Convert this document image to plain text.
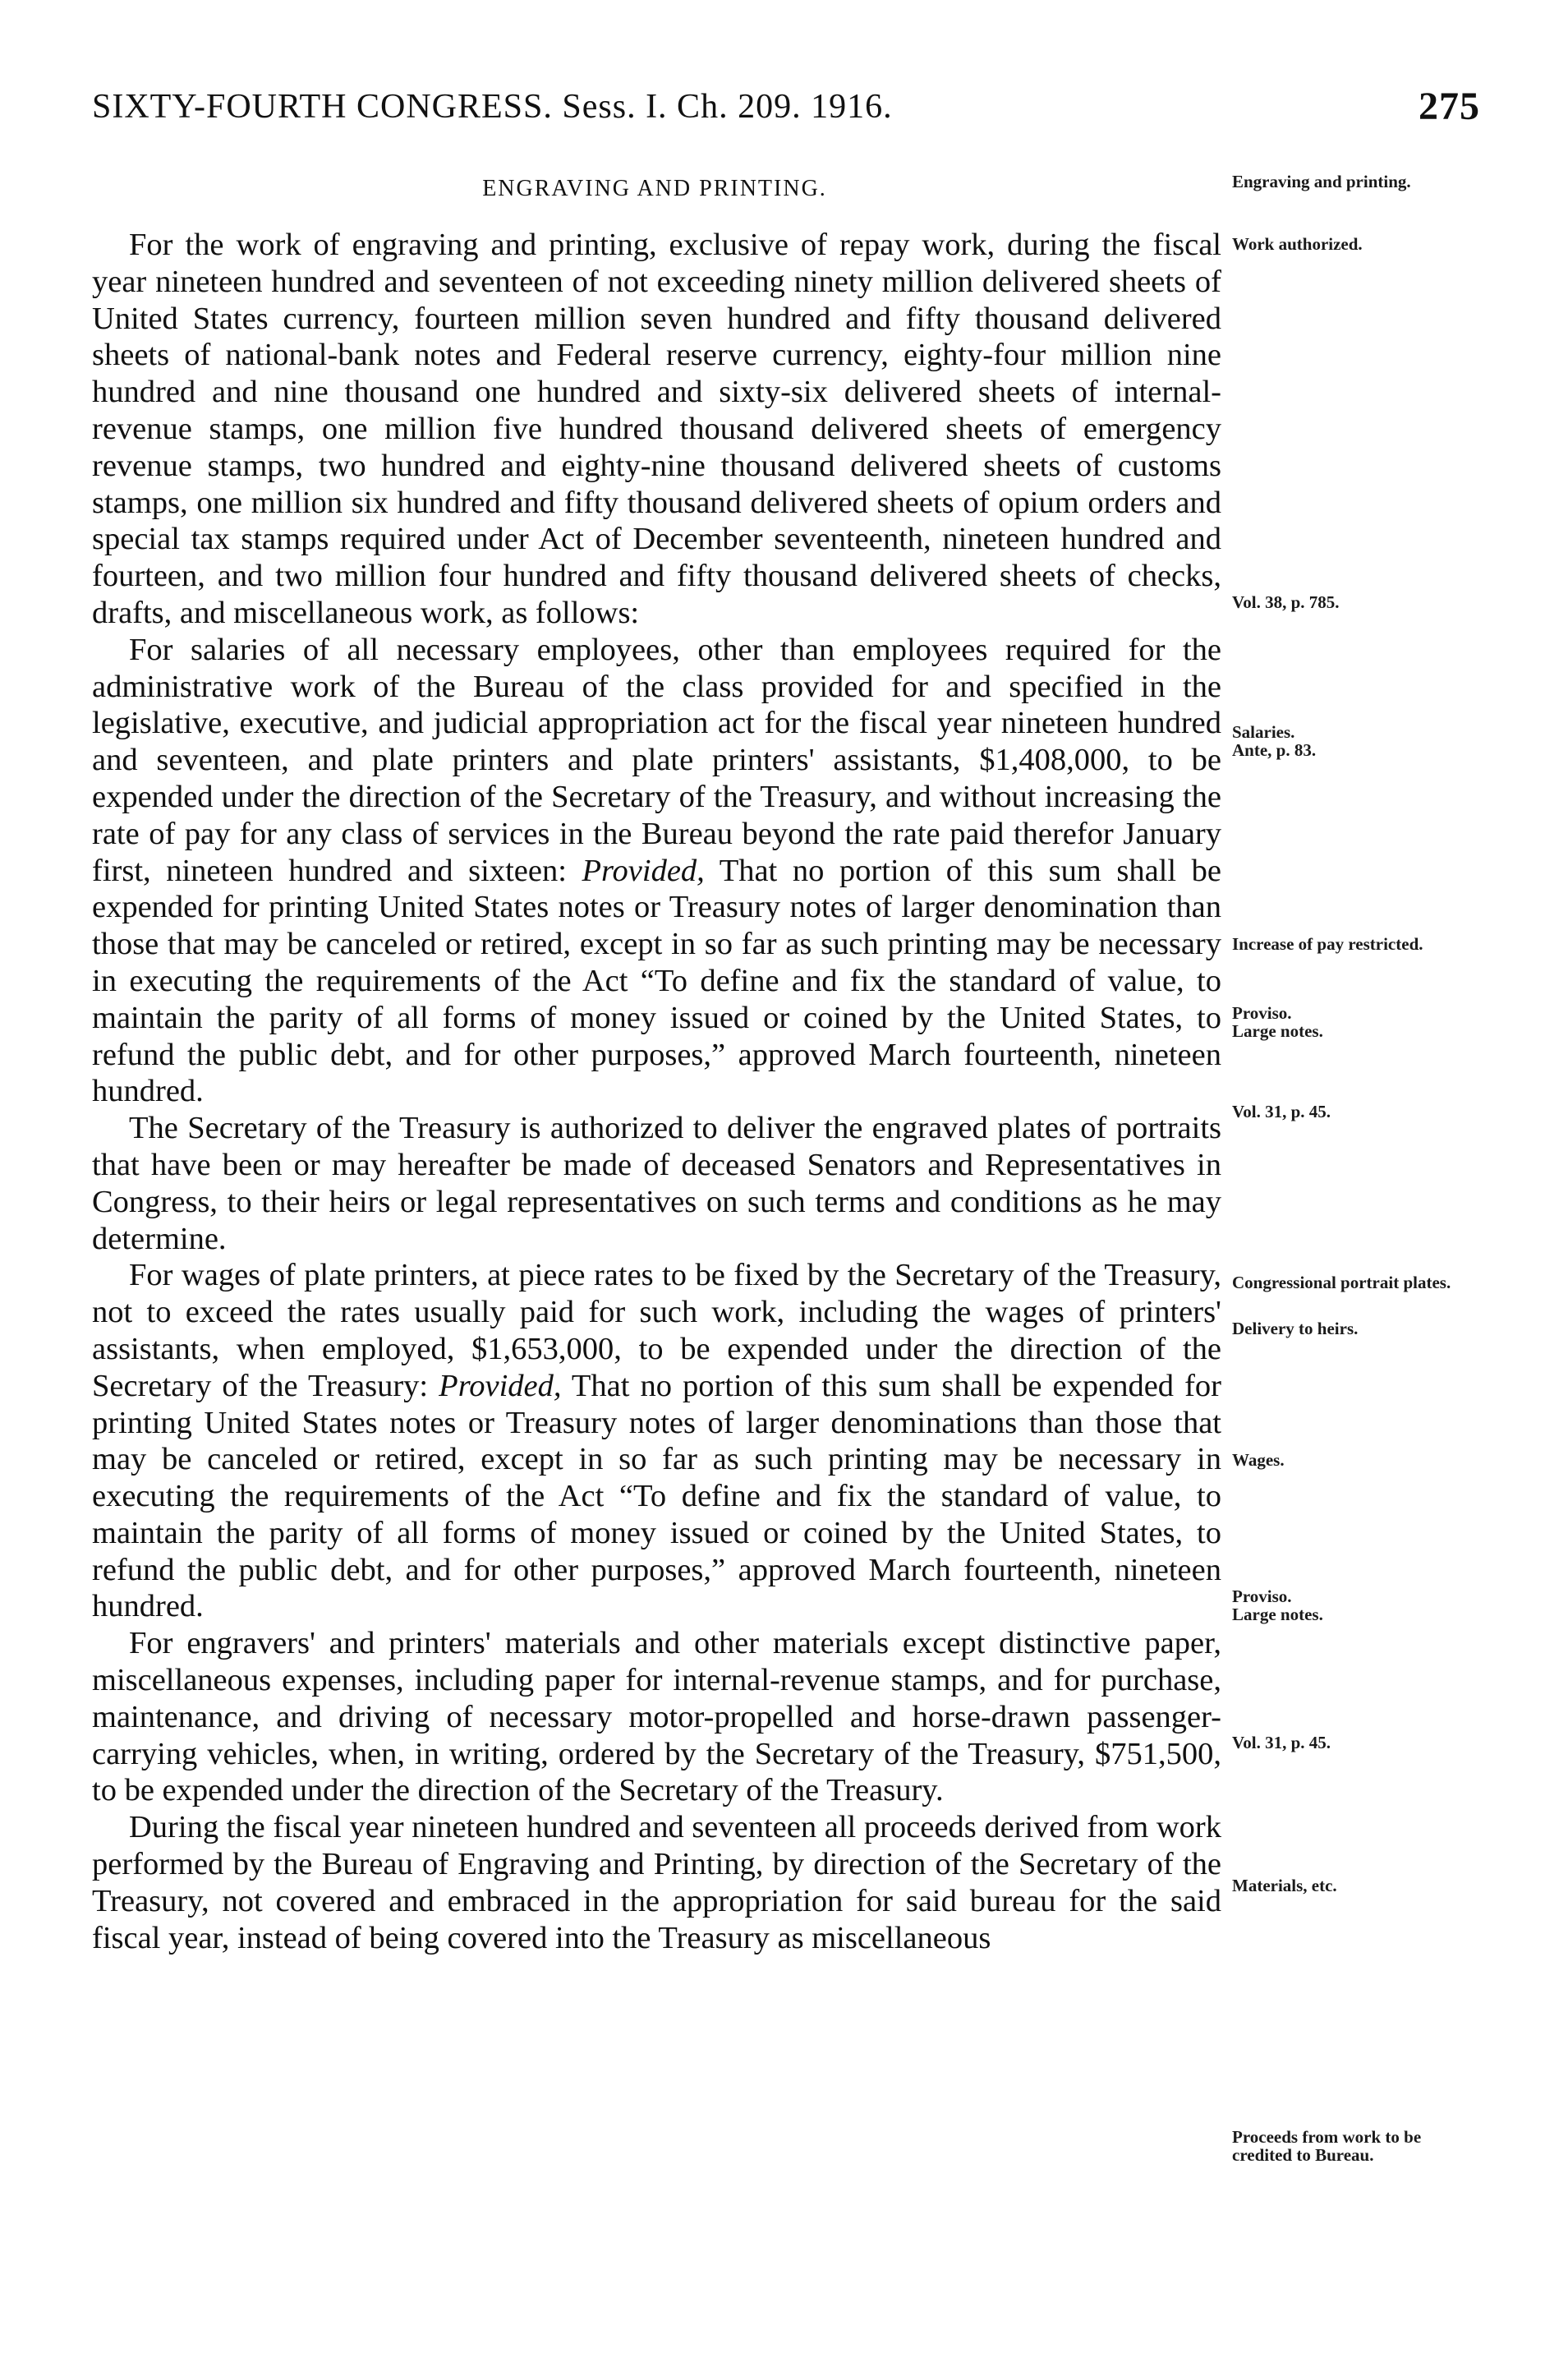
SIXTY-FOURTH CONGRESS. Sess. I. Ch. 209. 1916.	275
ENGRAVING AND PRINTING.

For the work of engraving and printing, exclusive of repay work, during the fiscal year nineteen hundred and seventeen of not exceeding ninety million delivered sheets of United States currency, fourteen million seven hundred and fifty thousand delivered sheets of national-bank notes and Federal reserve currency, eighty-four million nine hundred and nine thousand one hundred and sixty-six delivered sheets of internal-revenue stamps, one million five hundred thousand delivered sheets of emergency revenue stamps, two hundred and eighty-nine thousand delivered sheets of customs stamps, one million six hundred and fifty thousand delivered sheets of opium orders and special tax stamps required under Act of December seventeenth, nineteen hundred and fourteen, and two million four hundred and fifty thousand delivered sheets of checks, drafts, and miscellaneous work, as follows:

For salaries of all necessary employees, other than employees required for the administrative work of the Bureau of the class provided for and specified in the legislative, executive, and judicial appropriation act for the fiscal year nineteen hundred and seventeen, and plate printers and plate printers' assistants, $1,408,000, to be expended under the direction of the Secretary of the Treasury, and without increasing the rate of pay for any class of services in the Bureau beyond the rate paid therefor January first, nineteen hundred and sixteen: Provided, That no portion of this sum shall be expended for printing United States notes or Treasury notes of larger denomination than those that may be canceled or retired, except in so far as such printing may be necessary in executing the requirements of the Act “To define and fix the standard of value, to maintain the parity of all forms of money issued or coined by the United States, to refund the public debt, and for other purposes,” approved March fourteenth, nineteen hundred.

The Secretary of the Treasury is authorized to deliver the engraved plates of portraits that have been or may hereafter be made of deceased Senators and Representatives in Congress, to their heirs or legal representatives on such terms and conditions as he may determine.

For wages of plate printers, at piece rates to be fixed by the Secretary of the Treasury, not to exceed the rates usually paid for such work, including the wages of printers' assistants, when employed, $1,653,000, to be expended under the direction of the Secretary of the Treasury: Provided, That no portion of this sum shall be expended for printing United States notes or Treasury notes of larger denominations than those that may be canceled or retired, except in so far as such printing may be necessary in executing the requirements of the Act “To define and fix the standard of value, to maintain the parity of all forms of money issued or coined by the United States, to refund the public debt, and for other purposes,” approved March fourteenth, nineteen hundred.

For engravers' and printers' materials and other materials except distinctive paper, miscellaneous expenses, including paper for internal-revenue stamps, and for purchase, maintenance, and driving of necessary motor-propelled and horse-drawn passenger-carrying vehicles, when, in writing, ordered by the Secretary of the Treasury, $751,500, to be expended under the direction of the Secretary of the Treasury.

During the fiscal year nineteen hundred and seventeen all proceeds derived from work performed by the Bureau of Engraving and Printing, by direction of the Secretary of the Treasury, not covered and embraced in the appropriation for said bureau for the said fiscal year, instead of being covered into the Treasury as miscellaneous

Engraving and printing.
Work authorized.
Vol. 38, p. 785.
Salaries.
Ante, p. 83.
Increase of pay restricted.
Proviso.
Large notes.
Vol. 31, p. 45.
Congressional portrait plates.
Delivery to heirs.
Wages.
Proviso.
Large notes.
Vol. 31, p. 45.
Materials, etc.
Proceeds from work to be credited to Bureau.
